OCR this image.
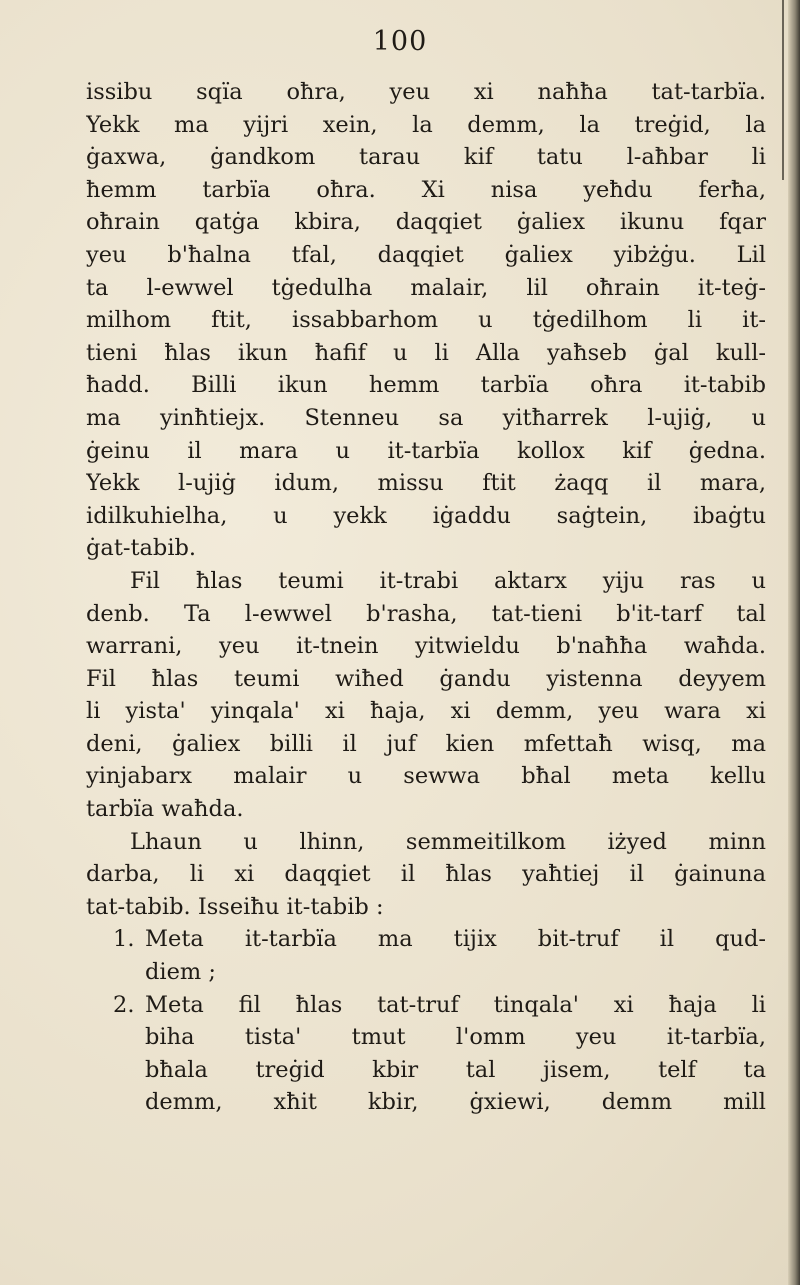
100
issibu sqïa oħra, yeu xi naħħa tat-tarbïa.
Yekk ma yijri xein, la demm, la treġid, la
ġaxwa, ġandkom tarau kif tatu l-aħbar li
ħemm tarbïa oħra. Xi nisa yeħdu ferħa,
oħrain qatġa kbira, daqqiet ġaliex ikunu fqar
yeu b'ħalna tfal, daqqiet ġaliex yibżġu. Lil
ta l-ewwel tġedulha malair, lil oħrain it-teġ-
milhom ftit, issabbarhom u tġedilhom li it-
tieni ħlas ikun ħafif u li Alla yaħseb ġal kull-
ħadd. Billi ikun hemm tarbïa oħra it-tabib
ma yinħtiejx. Stenneu sa yitħarrek l-ujiġ, u
ġeinu il mara u it-tarbïa kollox kif ġedna.
Yekk l-ujiġ idum, missu ftit żaqq il mara,
idilkuhielha, u yekk iġaddu saġtein, ibaġtu
ġat-tabib.
Fil ħlas teumi it-trabi aktarx yiju ras u
denb. Ta l-ewwel b'rasha, tat-tieni b'it-tarf tal
warrani, yeu it-tnein yitwieldu b'naħħa waħda.
Fil ħlas teumi wiħed ġandu yistenna deyyem
li yista' yinqala' xi ħaja, xi demm, yeu wara xi
deni, ġaliex billi il juf kien mfettaħ wisq, ma
yinjabarx malair u sewwa bħal meta kellu
tarbïa waħda.
Lhaun u lhinn, semmeitilkom iżyed minn
darba, li xi daqqiet il ħlas yaħtiej il ġainuna
tat-tabib. Isseiħu it-tabib :
1. Meta it-tarbïa ma tijix bit-truf il qud-
diem ;
2. Meta fil ħlas tat-truf tinqala' xi ħaja li
biha tista' tmut l'omm yeu it-tarbïa,
bħala treġid kbir tal jisem, telf ta
demm, xħit kbir, ġxiewi, demm mill
